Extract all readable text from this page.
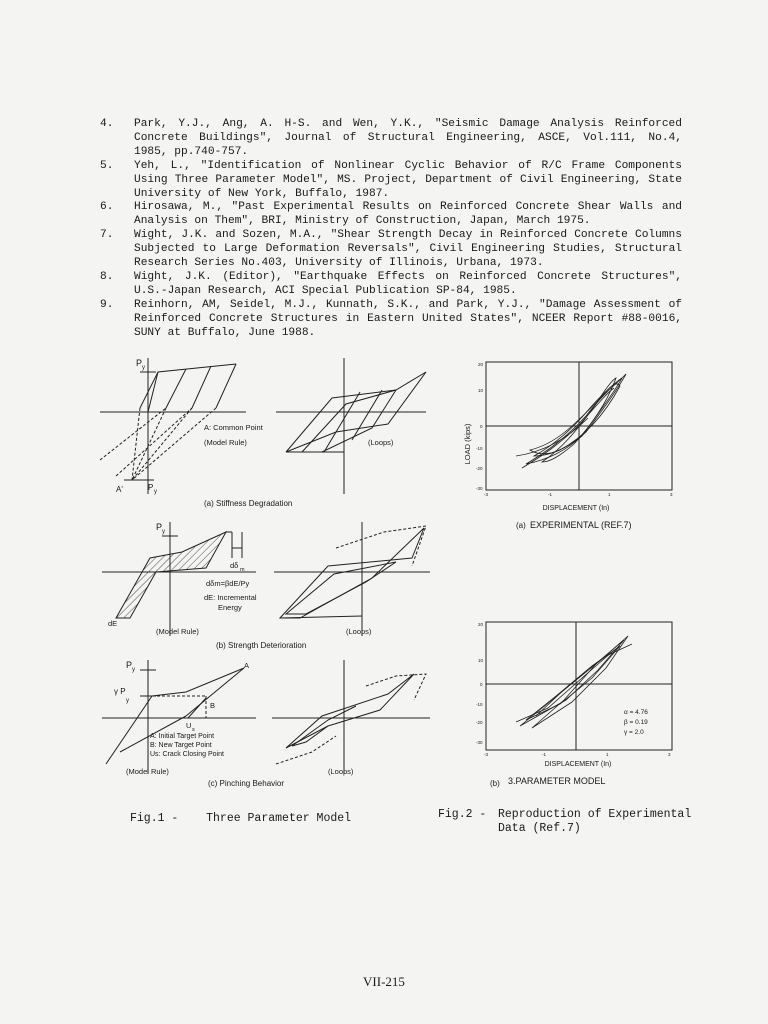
4.	Park, Y.J., Ang, A. H-S. and Wen, Y.K., "Seismic Damage Analysis Reinforced Concrete Buildings", Journal of Structural Engineering, ASCE, Vol.111, No.4, 1985, pp.740-757.
5.	Yeh, L., "Identification of Nonlinear Cyclic Behavior of R/C Frame Components Using Three Parameter Model", MS. Project, Department of Civil Engineering, State University of New York, Buffalo, 1987.
6.	Hirosawa, M., "Past Experimental Results on Reinforced Concrete Shear Walls and Analysis on Them", BRI, Ministry of Construction, Japan, March 1975.
7.	Wight, J.K. and Sozen, M.A., "Shear Strength Decay in Reinforced Concrete Columns Subjected to Large Deformation Reversals", Civil Engineering Studies, Structural Research Series No.403, University of Illinois, Urbana, 1973.
8.	Wight, J.K. (Editor), "Earthquake Effects on Reinforced Concrete Structures", U.S.-Japan Research, ACI Special Publication SP-84, 1985.
9.	Reinhorn, AM, Seidel, M.J., Kunnath, S.K., and Park, Y.J., "Damage Assessment of Reinforced Concrete Structures in Eastern United States", NCEER Report #88-0016, SUNY at Buffalo, June 1988.
P y
A'	P y
A: Common Point
(Model Rule)	(Loops)
(a) Stiffness Degradation
P y
dδ m
dδm=βdE/Py
dE: Incremental
Energy
dE
(Model Rule)	(Loops)
(b) Strength Deterioration
P y
γ P
y
A
B
U s
A: Initial Target Point
B: New Target Point
Us: Crack Closing Point
(Model Rule)	(Loops)
(c) Pinching Behavior
LOAD (kips)
20
10
0
-10
-20
-30
-3	-1	1	3
DISPLACEMENT (In)
(a) EXPERIMENTAL (REF.7)
20
10
0
-10
-20
-30
-3	-1	1	3
α = 4.76
β = 0.19
γ = 2.0
DISPLACEMENT (In)
(b) 3.PARAMETER MODEL
Fig.1 - Three Parameter Model	Fig.2 -	Reproduction of Experimental
Data (Ref.7)
VII-215
